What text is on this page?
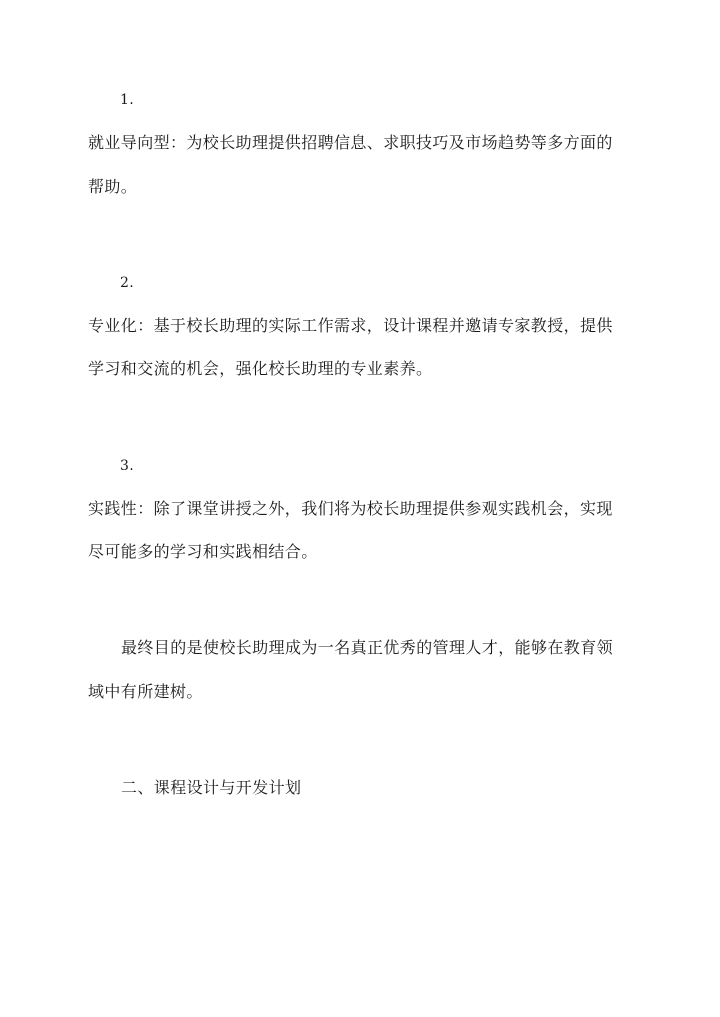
1.
就业导向型：为校长助理提供招聘信息、求职技巧及市场趋势等多方面的
帮助。
2.
专业化：基于校长助理的实际工作需求，设计课程并邀请专家教授，提供
学习和交流的机会，强化校长助理的专业素养。
3.
实践性：除了课堂讲授之外，我们将为校长助理提供参观实践机会，实现
尽可能多的学习和实践相结合。
最终目的是使校长助理成为一名真正优秀的管理人才，能够在教育领
域中有所建树。
二、课程设计与开发计划
